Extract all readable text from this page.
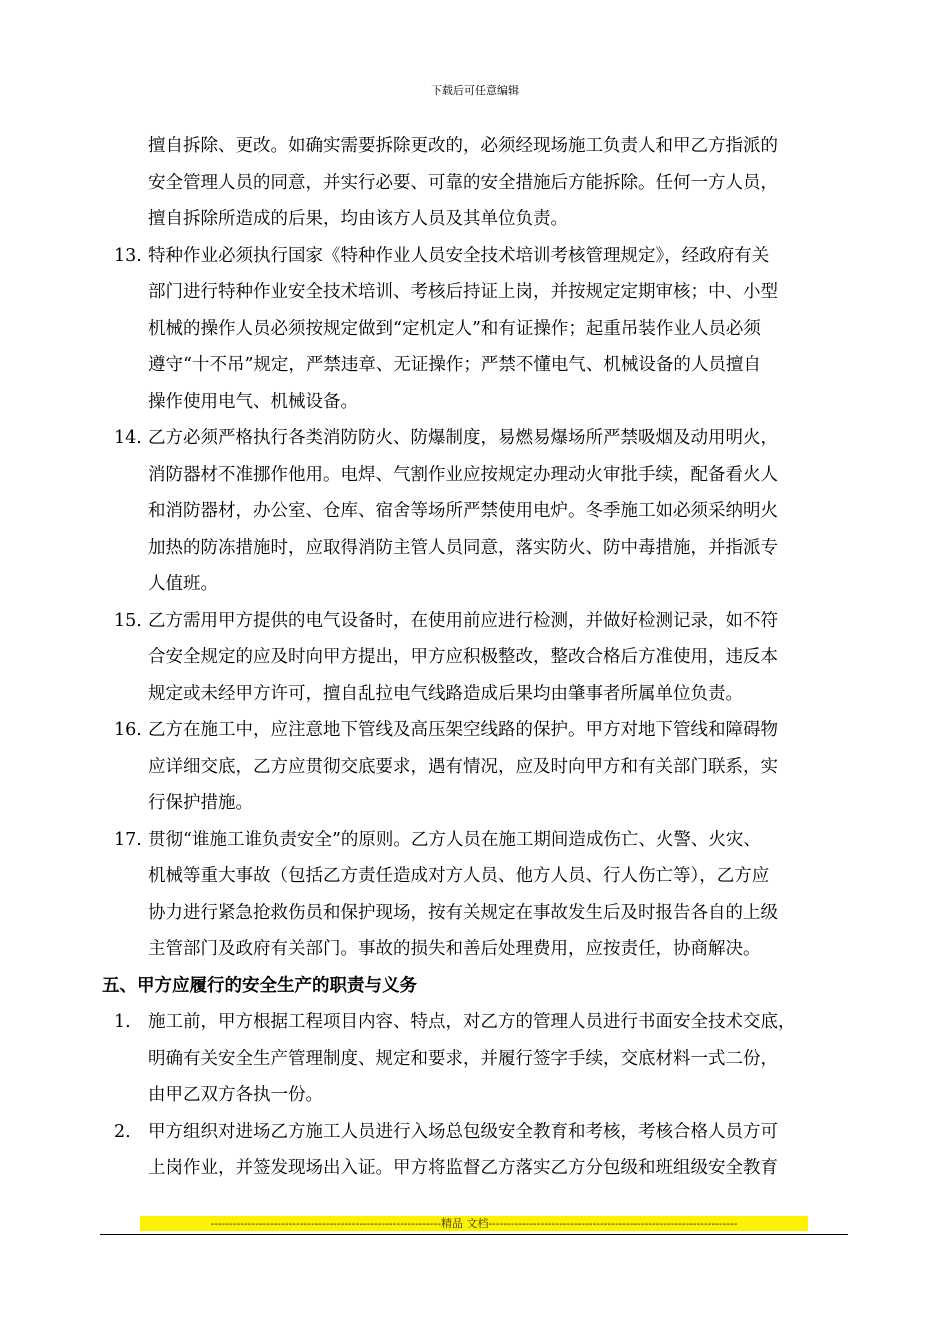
下载后可任意编辑
擅自拆除、更改。如确实需要拆除更改的，必须经现场施工负责人和甲乙方指派的
安全管理人员的同意，并实行必要、可靠的安全措施后方能拆除。任何一方人员，
擅自拆除所造成的后果，均由该方人员及其单位负责。
13. 特种作业必须执行国家《特种作业人员安全技术培训考核管理规定》，经政府有关
部门进行特种作业安全技术培训、考核后持证上岗，并按规定定期审核；中、小型
机械的操作人员必须按规定做到“定机定人”和有证操作；起重吊装作业人员必须
遵守“十不吊”规定，严禁违章、无证操作；严禁不懂电气、机械设备的人员擅自
操作使用电气、机械设备。
14. 乙方必须严格执行各类消防防火、防爆制度，易燃易爆场所严禁吸烟及动用明火，
消防器材不准挪作他用。电焊、气割作业应按规定办理动火审批手续，配备看火人
和消防器材，办公室、仓库、宿舍等场所严禁使用电炉。冬季施工如必须采纳明火
加热的防冻措施时，应取得消防主管人员同意，落实防火、防中毒措施，并指派专
人值班。
15. 乙方需用甲方提供的电气设备时，在使用前应进行检测，并做好检测记录，如不符
合安全规定的应及时向甲方提出，甲方应积极整改，整改合格后方准使用，违反本
规定或未经甲方许可，擅自乱拉电气线路造成后果均由肇事者所属单位负责。
16. 乙方在施工中，应注意地下管线及高压架空线路的保护。甲方对地下管线和障碍物
应详细交底，乙方应贯彻交底要求，遇有情况，应及时向甲方和有关部门联系，实
行保护措施。
17. 贯彻“谁施工谁负责安全”的原则。乙方人员在施工期间造成伤亡、火警、火灾、
机械等重大事故（包括乙方责任造成对方人员、他方人员、行人伤亡等），乙方应
协力进行紧急抢救伤员和保护现场，按有关规定在事故发生后及时报告各自的上级
主管部门及政府有关部门。事故的损失和善后处理费用，应按责任，协商解决。
五、甲方应履行的安全生产的职责与义务
1. 施工前，甲方根据工程项目内容、特点，对乙方的管理人员进行书面安全技术交底，
明确有关安全生产管理制度、规定和要求，并履行签字手续，交底材料一式二份，
由甲乙双方各执一份。
2. 甲方组织对进场乙方施工人员进行入场总包级安全教育和考核，考核合格人员方可
上岗作业，并签发现场出入证。甲方将监督乙方落实乙方分包级和班组级安全教育
--------------------------------------------------------------精品 文档-------------------------------------------------------------------
